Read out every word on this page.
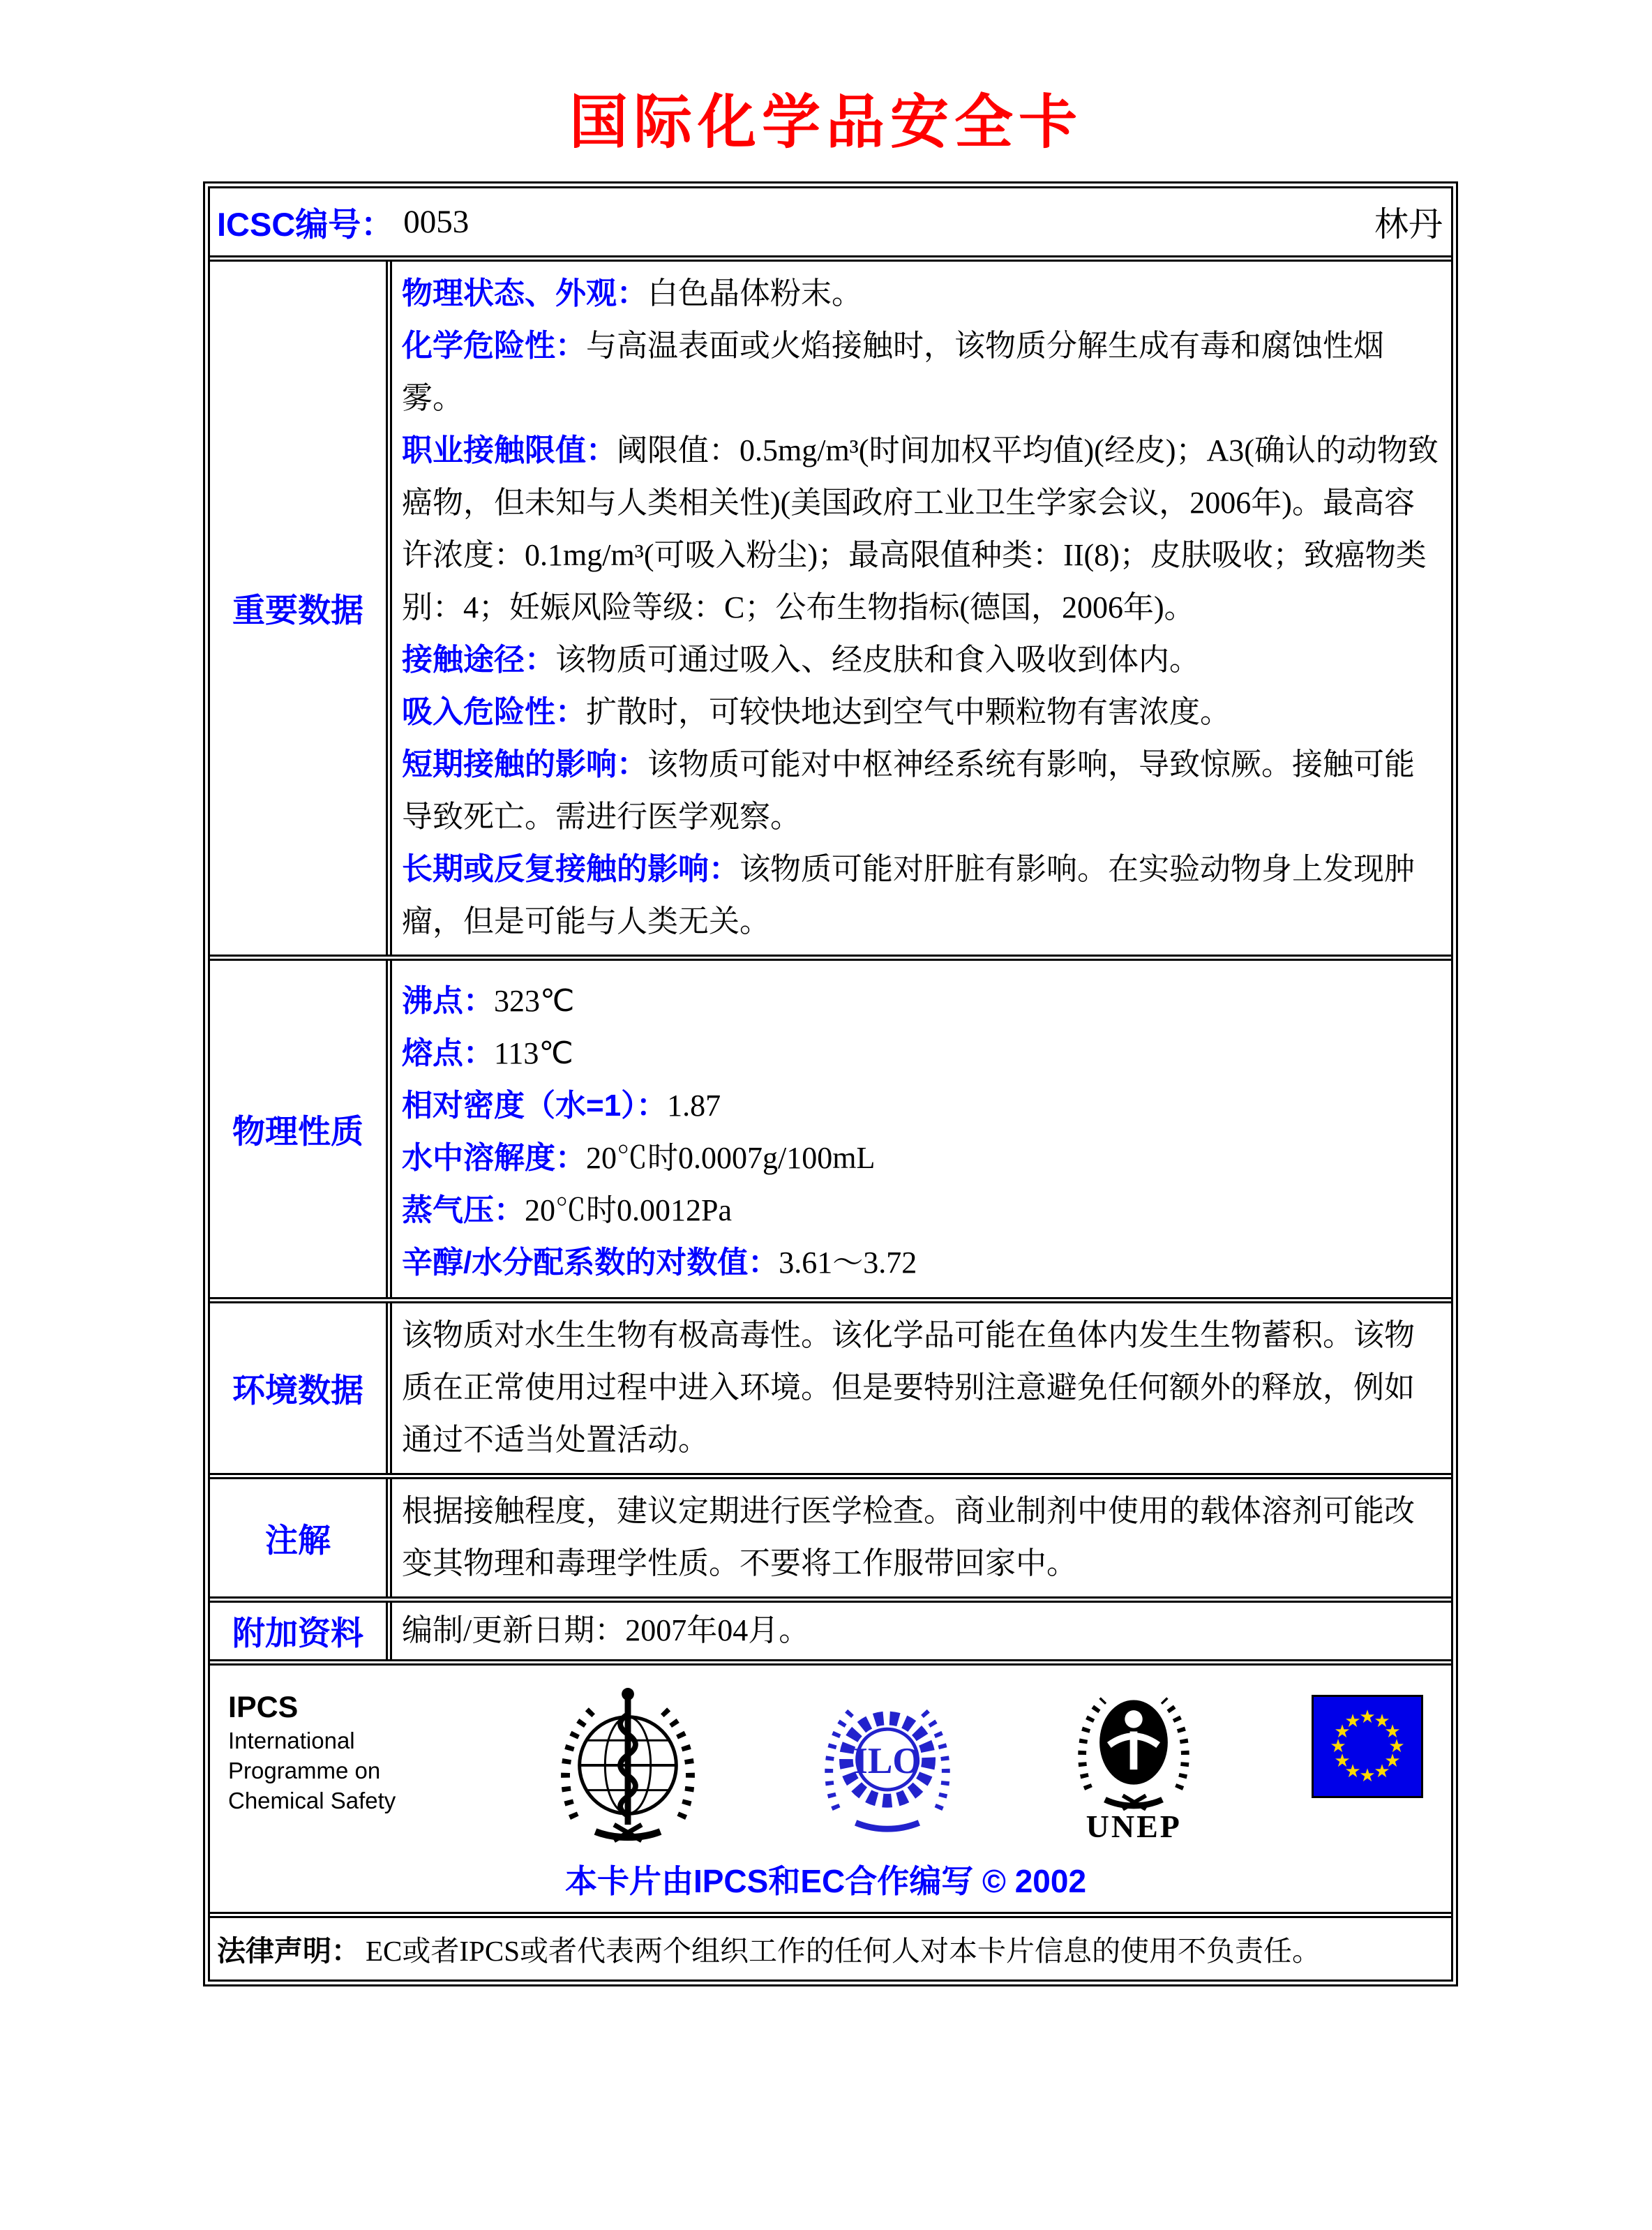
国际化学品安全卡
ICSC编号： 0053	林丹
重要数据

物理状态、外观：白色晶体粉末。

化学危险性：与高温表面或火焰接触时，该物质分解生成有毒和腐蚀性烟雾。

职业接触限值：阈限值：0.5mg/m³(时间加权平均值)(经皮)；A3(确认的动物致癌物，但未知与人类相关性)(美国政府工业卫生学家会议，2006年)。最高容许浓度：0.1mg/m³(可吸入粉尘)；最高限值种类：II(8)；皮肤吸收；致癌物类别：4；妊娠风险等级：C；公布生物指标(德国，2006年)。

接触途径：该物质可通过吸入、经皮肤和食入吸收到体内。

吸入危险性：扩散时，可较快地达到空气中颗粒物有害浓度。

短期接触的影响：该物质可能对中枢神经系统有影响，导致惊厥。接触可能导致死亡。需进行医学观察。

长期或反复接触的影响：该物质可能对肝脏有影响。在实验动物身上发现肿瘤，但是可能与人类无关。

物理性质

沸点：323℃

熔点：113℃

相对密度（水=1）：1.87

水中溶解度：20℃时0.0007g/100mL

蒸气压：20℃时0.0012Pa

辛醇/水分配系数的对数值：3.61～3.72

环境数据

该物质对水生生物有极高毒性。该化学品可能在鱼体内发生生物蓄积。该物质在正常使用过程中进入环境。但是要特别注意避免任何额外的释放，例如通过不适当处置活动。

注解

根据接触程度，建议定期进行医学检查。商业制剂中使用的载体溶剂可能改变其物理和毒理学性质。不要将工作服带回家中。

附加资料	编制/更新日期：2007年04月。

IPCS
International
Programme on
Chemical Safety
ILO
UNEP
★
★
★
★
★
★
★
★
★
★
★
★
本卡片由IPCS和EC合作编写 © 2002

法律声明： EC或者IPCS或者代表两个组织工作的任何人对本卡片信息的使用不负责任。
